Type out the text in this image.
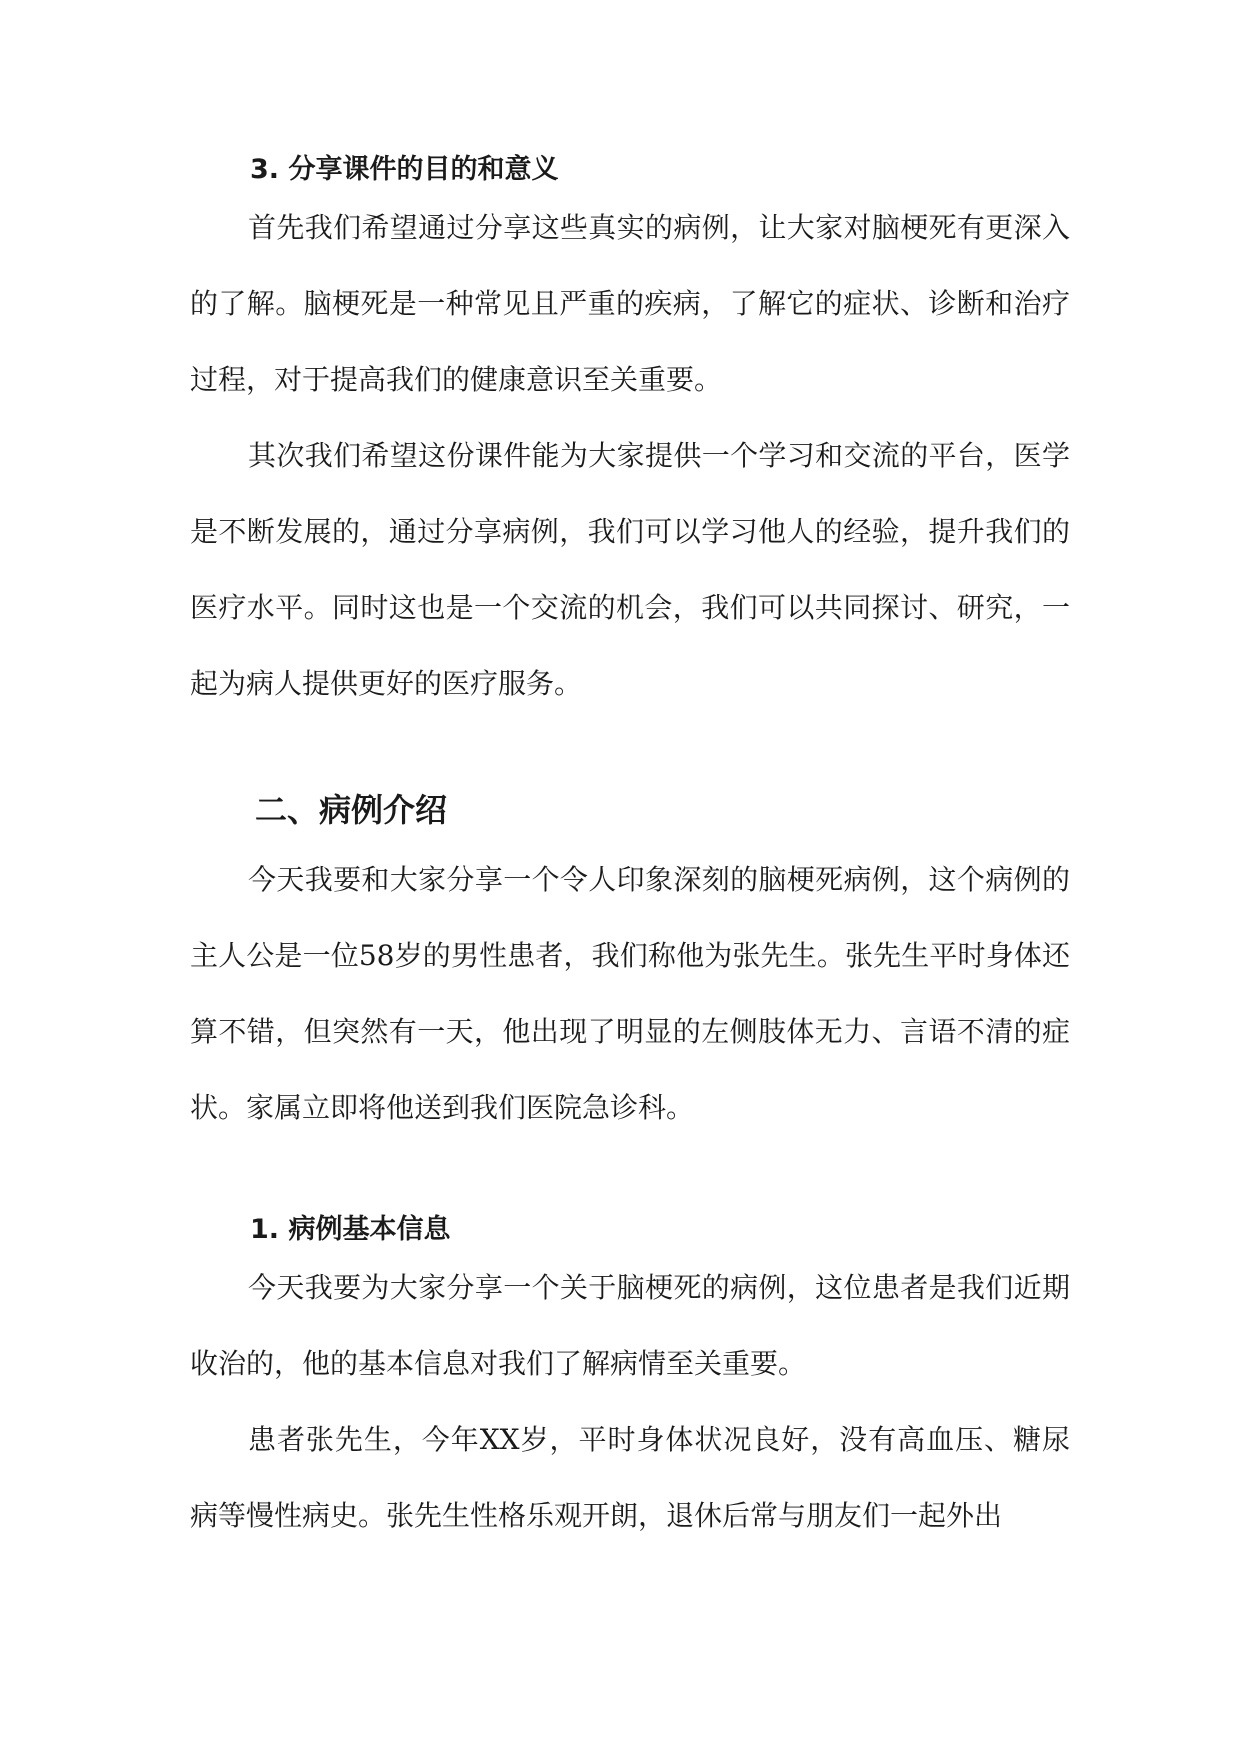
3. 分享课件的目的和意义

首先我们希望通过分享这些真实的病例，让大家对脑梗死有更深入的了解。脑梗死是一种常见且严重的疾病，了解它的症状、诊断和治疗过程，对于提高我们的健康意识至关重要。

其次我们希望这份课件能为大家提供一个学习和交流的平台，医学是不断发展的，通过分享病例，我们可以学习他人的经验，提升我们的医疗水平。同时这也是一个交流的机会，我们可以共同探讨、研究，一起为病人提供更好的医疗服务。

二、病例介绍

今天我要和大家分享一个令人印象深刻的脑梗死病例，这个病例的主人公是一位58岁的男性患者，我们称他为张先生。张先生平时身体还算不错，但突然有一天，他出现了明显的左侧肢体无力、言语不清的症状。家属立即将他送到我们医院急诊科。

1. 病例基本信息

今天我要为大家分享一个关于脑梗死的病例，这位患者是我们近期收治的，他的基本信息对我们了解病情至关重要。

患者张先生，今年XX岁，平时身体状况良好，没有高血压、糖尿病等慢性病史。张先生性格乐观开朗，退休后常与朋友们一起外出
